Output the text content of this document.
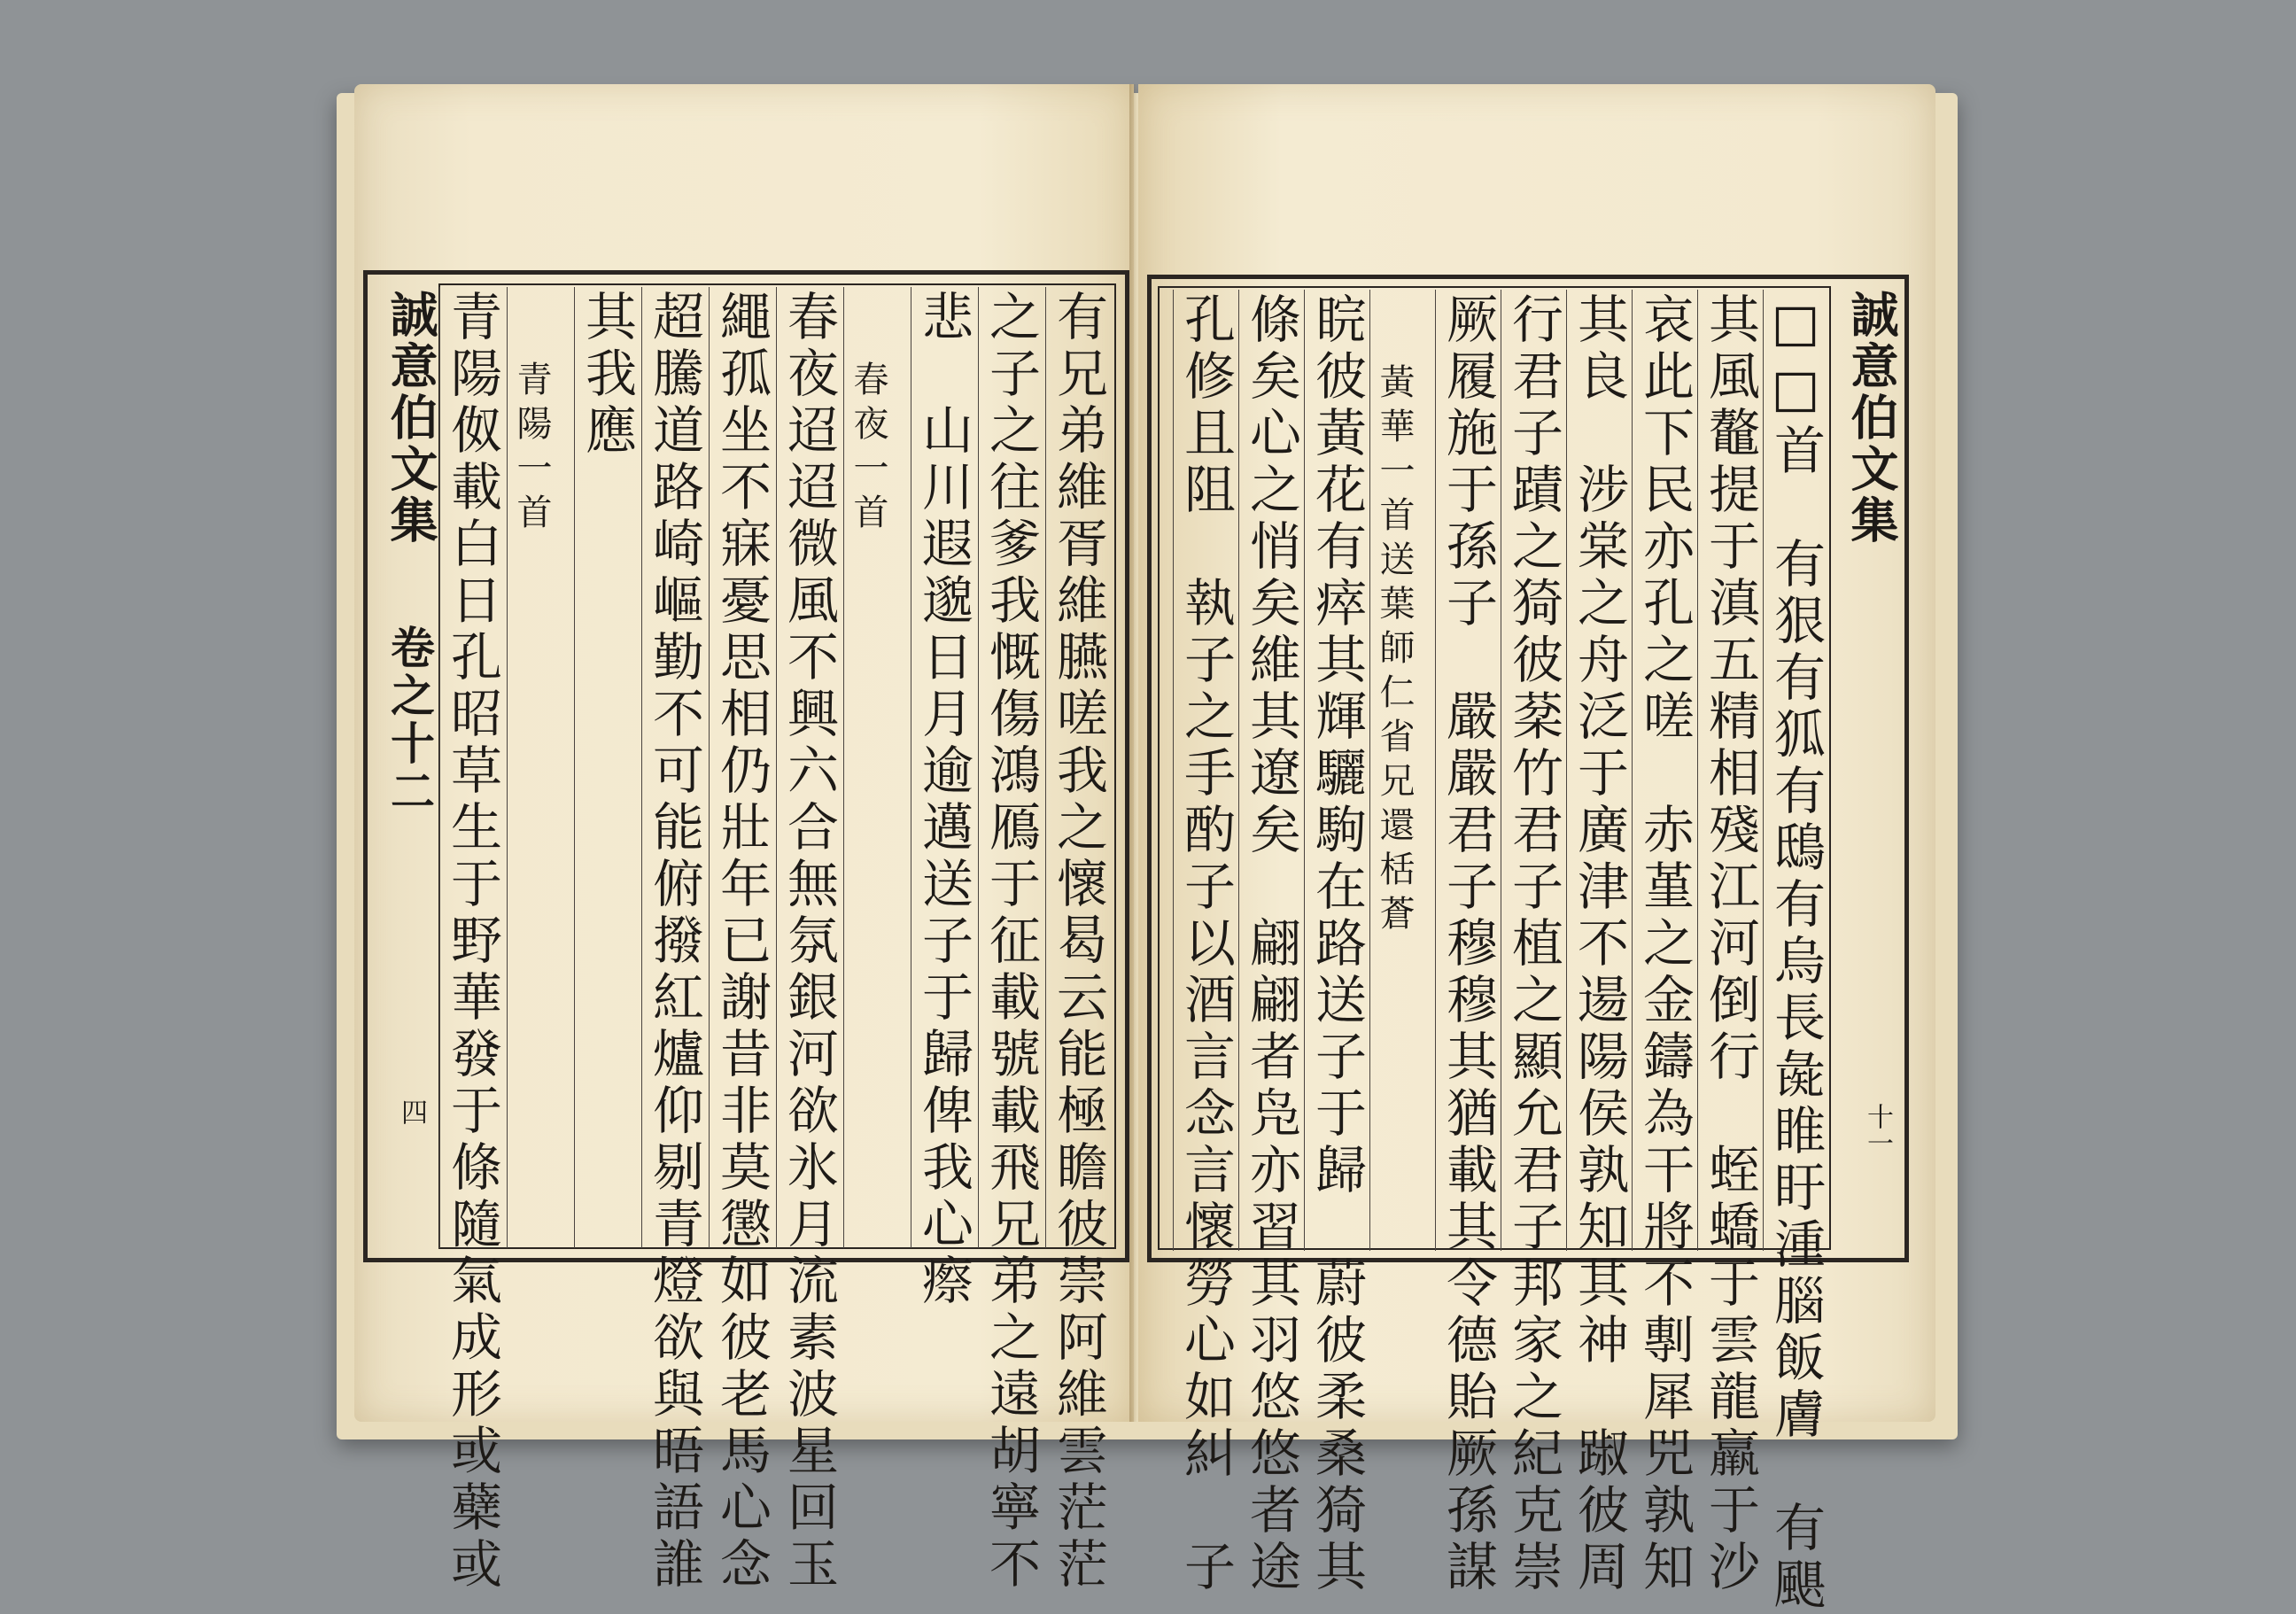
誠意伯文集
卷之十二
四	有兄弟維胥維臙嗟我之懷曷云能極瞻彼崇阿維雲茫茫
之子之往爹我慨傷鴻鴈于征載號載飛兄弟之遠胡寧不
悲　山川遐邈日月逾邁送子于歸俾我心瘵
春夜一首
春夜迢迢微風不興六合無氛銀河欲氷月流素波星回玉
繩孤坐不寐憂思相仍壯年已謝昔非莫懲如彼老馬心念
超騰道路崎嶇勤不可能俯撥紅爐仰剔青燈欲與晤語誰
其我應
青陽一首
青陽伮載白日孔昭草生于野華發于條隨氣成形或蘗或	誠意伯文集
十一
□□首　有狠有狐有鴟有烏長彘睢盱湩腦飯膚　有颶
其風鼇提于滇五精相殘江河倒行　蛭蟜于雲龍羸于沙
哀此下民亦孔之嗟　赤堇之金鑄為干將不剸犀兕孰知
其良　涉棠之舟泛于廣津不逿陽侯孰知其神　踧彼周
行君子蹟之猗彼棻竹君子植之顯允君子邦家之紀克崇
厥履施于孫子　嚴嚴君子穆穆其猶載其令德貽厥孫謀
黃華一首送葉師仁省兄還栝蒼
睆彼黃花有瘁其輝驪駒在路送子于歸　蔚彼柔桑猗其
條矣心之悄矣維其遼矣　翩翩者凫亦習其羽悠悠者途
孔修且阻　執子之手酌子以酒言念言懷勞心如糾　子
